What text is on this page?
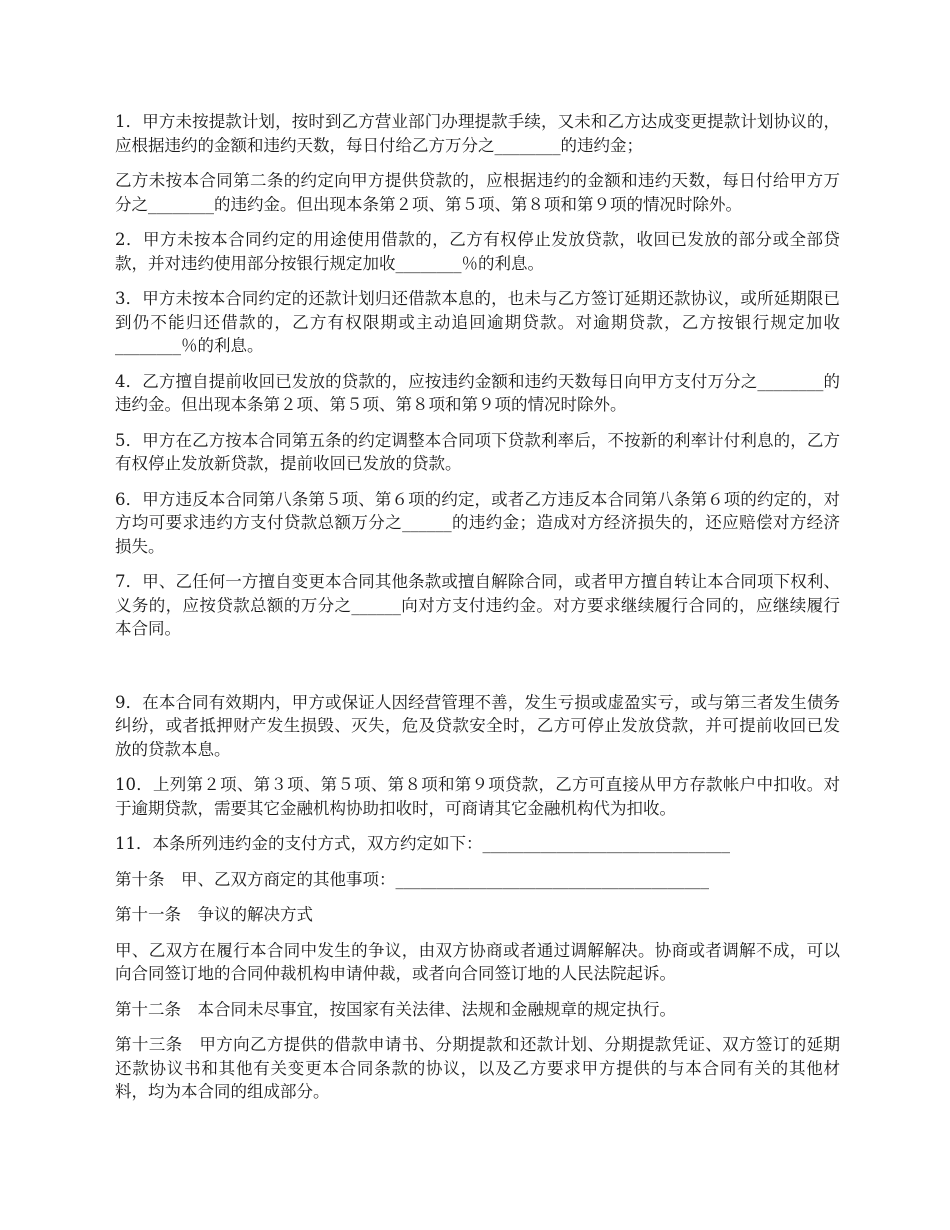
1．甲方未按提款计划，按时到乙方营业部门办理提款手续，又未和乙方达成变更提款计划协议的，应根据违约的金额和违约天数，每日付给乙方万分之________的违约金；

乙方未按本合同第二条的约定向甲方提供贷款的，应根据违约的金额和违约天数，每日付给甲方万分之________的违约金。但出现本条第２项、第５项、第８项和第９项的情况时除外。

2．甲方未按本合同约定的用途使用借款的，乙方有权停止发放贷款，收回已发放的部分或全部贷款，并对违约使用部分按银行规定加收________％的利息。

3．甲方未按本合同约定的还款计划归还借款本息的，也未与乙方签订延期还款协议，或所延期限已到仍不能归还借款的，乙方有权限期或主动追回逾期贷款。对逾期贷款，乙方按银行规定加收________％的利息。

4．乙方擅自提前收回已发放的贷款的，应按违约金额和违约天数每日向甲方支付万分之________的违约金。但出现本条第２项、第５项、第８项和第９项的情况时除外。

5．甲方在乙方按本合同第五条的约定调整本合同项下贷款利率后，不按新的利率计付利息的，乙方有权停止发放新贷款，提前收回已发放的贷款。

6．甲方违反本合同第八条第５项、第６项的约定，或者乙方违反本合同第八条第６项的约定的，对方均可要求违约方支付贷款总额万分之______的违约金；造成对方经济损失的，还应赔偿对方经济损失。

7．甲、乙任何一方擅自变更本合同其他条款或擅自解除合同，或者甲方擅自转让本合同项下权利、义务的，应按贷款总额的万分之______向对方支付违约金。对方要求继续履行合同的，应继续履行本合同。

9．在本合同有效期内，甲方或保证人因经营管理不善，发生亏损或虚盈实亏，或与第三者发生债务纠纷，或者抵押财产发生损毁、灭失，危及贷款安全时，乙方可停止发放贷款，并可提前收回已发放的贷款本息。

10．上列第２项、第３项、第５项、第８项和第９项贷款，乙方可直接从甲方存款帐户中扣收。对于逾期贷款，需要其它金融机构协助扣收时，可商请其它金融机构代为扣收。

11．本条所列违约金的支付方式，双方约定如下：______________________________

第十条　甲、乙双方商定的其他事项：______________________________________

第十一条　争议的解决方式

甲、乙双方在履行本合同中发生的争议，由双方协商或者通过调解解决。协商或者调解不成，可以向合同签订地的合同仲裁机构申请仲裁，或者向合同签订地的人民法院起诉。

第十二条　本合同未尽事宜，按国家有关法律、法规和金融规章的规定执行。

第十三条　甲方向乙方提供的借款申请书、分期提款和还款计划、分期提款凭证、双方签订的延期还款协议书和其他有关变更本合同条款的协议，以及乙方要求甲方提供的与本合同有关的其他材料，均为本合同的组成部分。
